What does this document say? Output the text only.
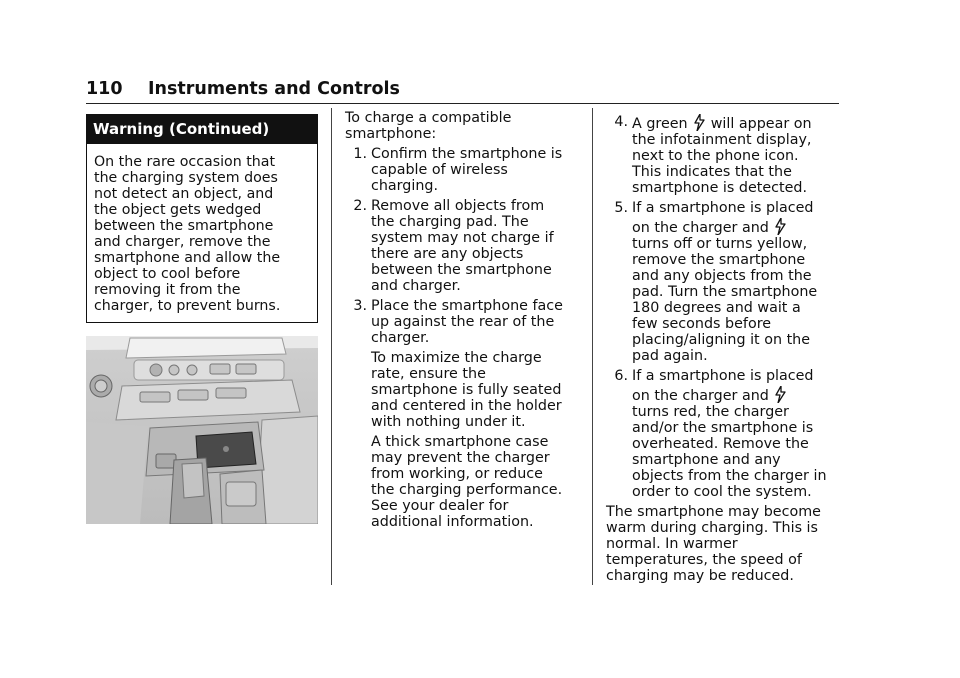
110 Instruments and Controls
Warning (Continued)
On the rare occasion that
the charging system does
not detect an object, and
the object gets wedged
between the smartphone
and charger, remove the
smartphone and allow the
object to cool before
removing it from the
charger, to prevent burns.
To charge a compatible
smartphone:
1. Confirm the smartphone is
capable of wireless
charging.
2. Remove all objects from
the charging pad. The
system may not charge if
there are any objects
between the smartphone
and charger.
3. Place the smartphone face
up against the rear of the
charger.
To maximize the charge
rate, ensure the
smartphone is fully seated
and centered in the holder
with nothing under it.
A thick smartphone case
may prevent the charger
from working, or reduce
the charging performance.
See your dealer for
additional information.
4. A green will appear on
the infotainment display,
next to the phone icon.
This indicates that the
smartphone is detected.
5. If a smartphone is placed
on the charger and
turns off or turns yellow,
remove the smartphone
and any objects from the
pad. Turn the smartphone
180 degrees and wait a
few seconds before
placing/aligning it on the
pad again.
6. If a smartphone is placed
on the charger and
turns red, the charger
and/or the smartphone is
overheated. Remove the
smartphone and any
objects from the charger in
order to cool the system.
The smartphone may become
warm during charging. This is
normal. In warmer
temperatures, the speed of
charging may be reduced.
